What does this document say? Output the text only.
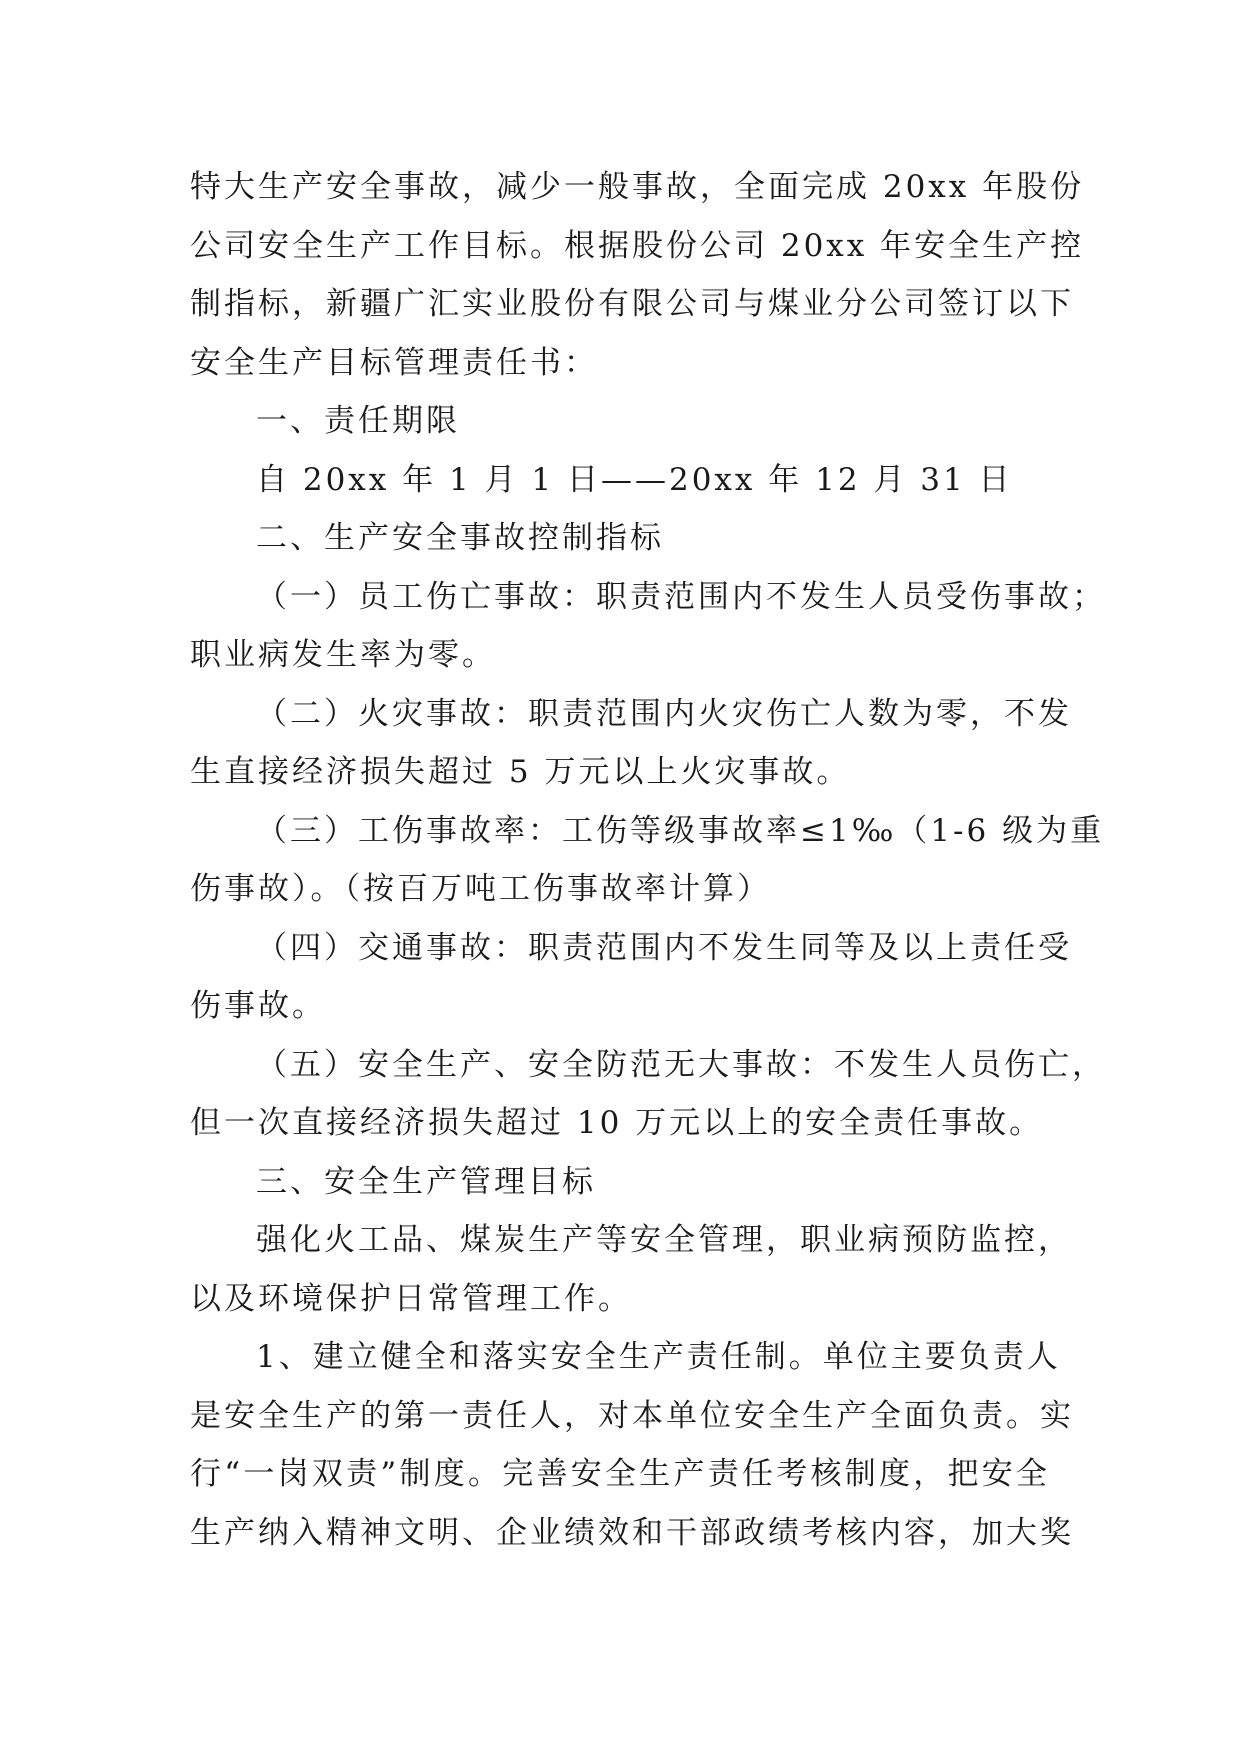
特大生产安全事故，减少一般事故，全面完成 20xx 年股份
公司安全生产工作目标。根据股份公司 20xx 年安全生产控
制指标，新疆广汇实业股份有限公司与煤业分公司签订以下
安全生产目标管理责任书：
一、责任期限
自 20xx 年 1 月 1 日——20xx 年 12 月 31 日
二、生产安全事故控制指标
（一）员工伤亡事故：职责范围内不发生人员受伤事故；
职业病发生率为零。
（二）火灾事故：职责范围内火灾伤亡人数为零，不发
生直接经济损失超过 5 万元以上火灾事故。
（三）工伤事故率：工伤等级事故率≤1‰（1-6 级为重
伤事故）。（按百万吨工伤事故率计算）
（四）交通事故：职责范围内不发生同等及以上责任受
伤事故。
（五）安全生产、安全防范无大事故：不发生人员伤亡，
但一次直接经济损失超过 10 万元以上的安全责任事故。
三、安全生产管理目标
强化火工品、煤炭生产等安全管理，职业病预防监控，
以及环境保护日常管理工作。
1、建立健全和落实安全生产责任制。单位主要负责人
是安全生产的第一责任人，对本单位安全生产全面负责。实
行“一岗双责”制度。完善安全生产责任考核制度，把安全
生产纳入精神文明、企业绩效和干部政绩考核内容，加大奖
